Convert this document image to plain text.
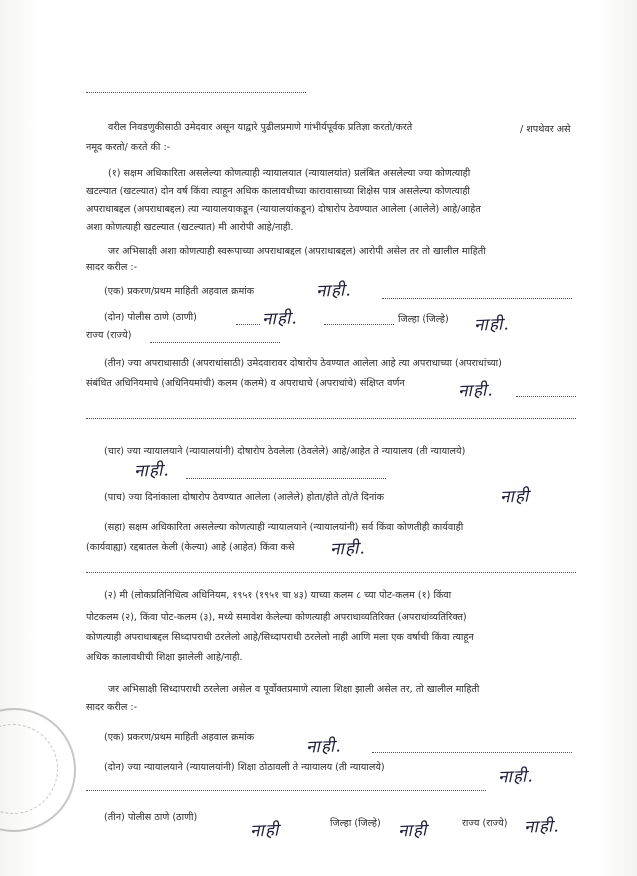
वरील निवडणुकीसाठी उमेदवार असून याद्वारे पुढीलप्रमाणे गांभीर्यपूर्वक प्रतिज्ञा करतो/करते	/ शपथेवर असे
नमूद करतो/ करते की :-
(१) सक्षम अधिकारिता असलेल्या कोणत्याही न्यायालयात (न्यायालयांत) प्रलंबित असलेल्या ज्या कोणत्याही
खटल्यात (खटल्यात) दोन वर्ष किंवा त्याहून अधिक कालावधीच्या कारावासाच्या शिक्षेस पात्र असलेल्या कोणत्याही
अपराधाबद्दल (अपराधाबद्दल) त्या न्यायालयाकडून (न्यायालयांकडून) दोषारोप ठेवण्यात आलेला (आलेले) आहे/आहेत
अशा कोणत्याही खटल्यात (खटल्यात) मी आरोपी आहे/नाही.
जर अभिसाक्षी अशा कोणत्याही स्वरूपाच्या अपराधाबद्दल (अपराधाबद्दल) आरोपी असेल तर तो खालील माहिती
सादर करील :-
(एक) प्रकरण/प्रथम माहिती अहवाल क्रमांक	नाही.
(दोन) पोलीस ठाणे (ठाणी)	नाही.	जिल्हा (जिल्हे) नाही.
राज्य (राज्ये)
(तीन) ज्या अपराधासाठी (अपराधांसाठी) उमेदवारावर दोषारोप ठेवण्यात आलेला आहे त्या अपराधाच्या (अपराधांच्या)
संबंधित अधिनियमाचे (अधिनियमांची) कलम (कलमे) व अपराधाचे (अपराधांचे) संक्षिप्त वर्णन	नाही.
(चार) ज्या न्यायालयाने (न्यायालयांनी) दोषारोप ठेवलेला (ठेवलेले) आहे/आहेत ते न्यायालय (ती न्यायालये)
नाही.
(पाच) ज्या दिनांकाला दोषारोप ठेवण्यात आलेला (आलेले) होता/होते तो/ते दिनांक	नाही
(सहा) सक्षम अधिकारिता असलेल्या कोणत्याही न्यायालयाने (न्यायालयांनी) सर्व किंवा कोणतीही कार्यवाही
(कार्यवाह्या) रद्दबातल केली (केल्या) आहे (आहेत) किंवा कसे नाही.
(२) मी (लोकप्रतिनिधित्व अधिनियम, १९५१ (१९५१ चा ४३) याच्या कलम ८ च्या पोट-कलम (१) किंवा
पोटकलम (२), किंवा पोट-कलम (३), मध्ये समावेश केलेल्या कोणत्याही अपराधाव्यतिरिक्त (अपराधांव्यतिरिक्त)
कोणत्याही अपराधाबद्दल सिध्दापराधी ठरलेलो आहे/सिध्दापराधी ठरलेलो नाही आणि मला एक वर्षाची किंवा त्याहून
अधिक कालावधीची शिक्षा झालेली आहे/नाही.
जर अभिसाक्षी सिध्दापराधी ठरलेला असेल व पूर्वोक्तप्रमाणे त्याला शिक्षा झाली असेल तर, तो खालील माहिती
सादर करील :-
(एक) प्रकरण/प्रथम माहिती अहवाल क्रमांक	नाही.
(दोन) ज्या न्यायालयाने (न्यायालयांनी) शिक्षा ठोठावली ते न्यायालय (ती न्यायालये)	नाही.
(तीन) पोलीस ठाणे (ठाणी)
नाही	जिल्हा (जिल्हे) नाही	राज्य (राज्ये) नाही.
